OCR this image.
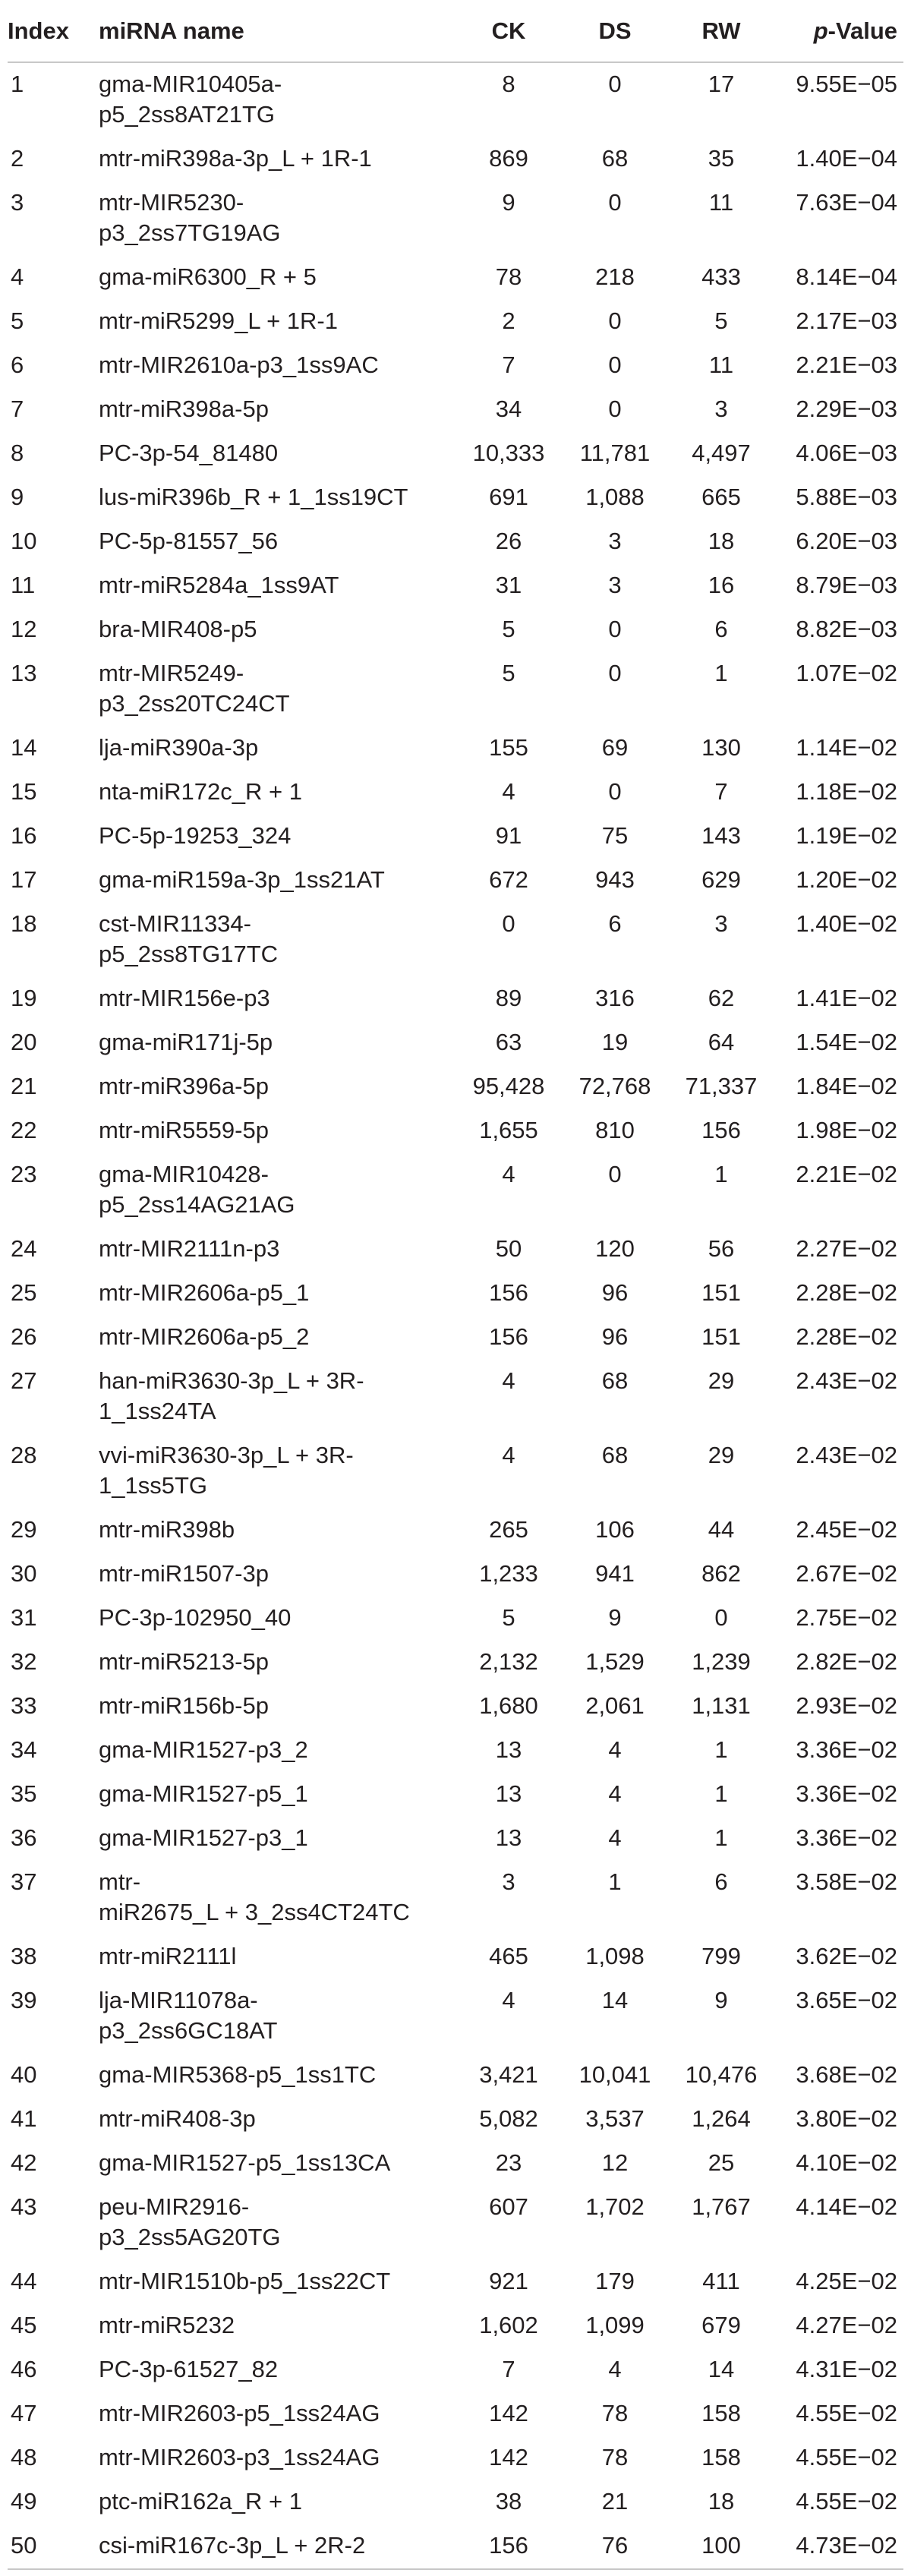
Index	miRNA name	CK	DS	RW	p-Value
1	gma-MIR10405a-
p5_2ss8AT21TG	8	0	17	9.55E−05
2	mtr-miR398a-3p_L + 1R-1	869	68	35	1.40E−04
3	mtr-MIR5230-
p3_2ss7TG19AG	9	0	11	7.63E−04
4	gma-miR6300_R + 5	78	218	433	8.14E−04
5	mtr-miR5299_L + 1R-1	2	0	5	2.17E−03
6	mtr-MIR2610a-p3_1ss9AC	7	0	11	2.21E−03
7	mtr-miR398a-5p	34	0	3	2.29E−03
8	PC-3p-54_81480	10,333	11,781	4,497	4.06E−03
9	lus-miR396b_R + 1_1ss19CT	691	1,088	665	5.88E−03
10	PC-5p-81557_56	26	3	18	6.20E−03
11	mtr-miR5284a_1ss9AT	31	3	16	8.79E−03
12	bra-MIR408-p5	5	0	6	8.82E−03
13	mtr-MIR5249-
p3_2ss20TC24CT	5	0	1	1.07E−02
14	lja-miR390a-3p	155	69	130	1.14E−02
15	nta-miR172c_R + 1	4	0	7	1.18E−02
16	PC-5p-19253_324	91	75	143	1.19E−02
17	gma-miR159a-3p_1ss21AT	672	943	629	1.20E−02
18	cst-MIR11334-
p5_2ss8TG17TC	0	6	3	1.40E−02
19	mtr-MIR156e-p3	89	316	62	1.41E−02
20	gma-miR171j-5p	63	19	64	1.54E−02
21	mtr-miR396a-5p	95,428	72,768	71,337	1.84E−02
22	mtr-miR5559-5p	1,655	810	156	1.98E−02
23	gma-MIR10428-
p5_2ss14AG21AG	4	0	1	2.21E−02
24	mtr-MIR2111n-p3	50	120	56	2.27E−02
25	mtr-MIR2606a-p5_1	156	96	151	2.28E−02
26	mtr-MIR2606a-p5_2	156	96	151	2.28E−02
27	han-miR3630-3p_L + 3R-
1_1ss24TA	4	68	29	2.43E−02
28	vvi-miR3630-3p_L + 3R-
1_1ss5TG	4	68	29	2.43E−02
29	mtr-miR398b	265	106	44	2.45E−02
30	mtr-miR1507-3p	1,233	941	862	2.67E−02
31	PC-3p-102950_40	5	9	0	2.75E−02
32	mtr-miR5213-5p	2,132	1,529	1,239	2.82E−02
33	mtr-miR156b-5p	1,680	2,061	1,131	2.93E−02
34	gma-MIR1527-p3_2	13	4	1	3.36E−02
35	gma-MIR1527-p5_1	13	4	1	3.36E−02
36	gma-MIR1527-p3_1	13	4	1	3.36E−02
37	mtr-
miR2675_L + 3_2ss4CT24TC	3	1	6	3.58E−02
38	mtr-miR2111l	465	1,098	799	3.62E−02
39	lja-MIR11078a-
p3_2ss6GC18AT	4	14	9	3.65E−02
40	gma-MIR5368-p5_1ss1TC	3,421	10,041	10,476	3.68E−02
41	mtr-miR408-3p	5,082	3,537	1,264	3.80E−02
42	gma-MIR1527-p5_1ss13CA	23	12	25	4.10E−02
43	peu-MIR2916-
p3_2ss5AG20TG	607	1,702	1,767	4.14E−02
44	mtr-MIR1510b-p5_1ss22CT	921	179	411	4.25E−02
45	mtr-miR5232	1,602	1,099	679	4.27E−02
46	PC-3p-61527_82	7	4	14	4.31E−02
47	mtr-MIR2603-p5_1ss24AG	142	78	158	4.55E−02
48	mtr-MIR2603-p3_1ss24AG	142	78	158	4.55E−02
49	ptc-miR162a_R + 1	38	21	18	4.55E−02
50	csi-miR167c-3p_L + 2R-2	156	76	100	4.73E−02
